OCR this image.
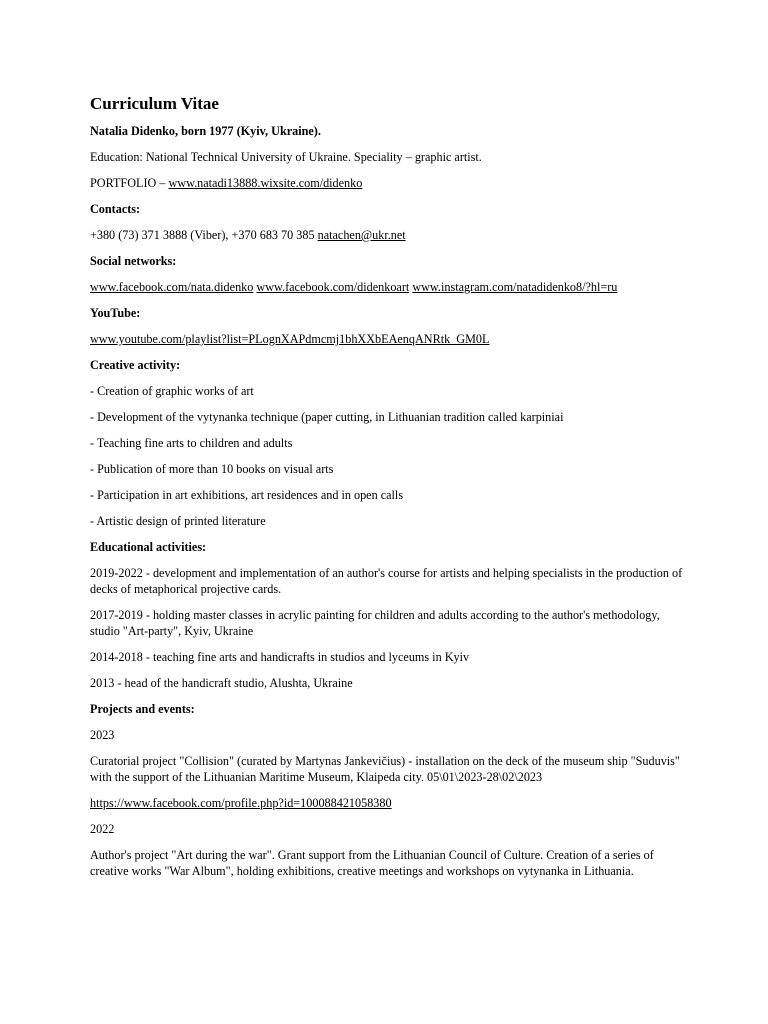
Curriculum Vitae

Natalia Didenko, born 1977 (Kyiv, Ukraine).

Education: National Technical University of Ukraine. Speciality – graphic artist.

PORTFOLIO – www.natadi13888.wixsite.com/didenko

Contacts:

+380 (73) 371 3888 (Viber), +370 683 70 385 natachen@ukr.net

Social networks:

www.facebook.com/nata.didenko www.facebook.com/didenkoart www.instagram.com/natadidenko8/?hl=ru

YouTube:

www.youtube.com/playlist?list=PLognXAPdmcmj1bhXXbEAenqANRtk_GM0L

Creative activity:

- Creation of graphic works of art

- Development of the vytynanka technique (paper cutting, in Lithuanian tradition called karpiniai

- Teaching fine arts to children and adults

- Publication of more than 10 books on visual arts

- Participation in art exhibitions, art residences and in open calls

- Artistic design of printed literature

Educational activities:

2019-2022 - development and implementation of an author's course for artists and helping specialists in the production of decks of metaphorical projective cards.

2017-2019 - holding master classes in acrylic painting for children and adults according to the author's methodology, studio "Art-party", Kyiv, Ukraine

2014-2018 - teaching fine arts and handicrafts in studios and lyceums in Kyiv

2013 - head of the handicraft studio, Alushta, Ukraine

Projects and events:

2023

Curatorial project "Collision" (curated by Martynas Jankevičius) - installation on the deck of the museum ship "Suduvis" with the support of the Lithuanian Maritime Museum, Klaipeda city. 05\01\2023-28\02\2023

https://www.facebook.com/profile.php?id=100088421058380

2022

Author's project "Art during the war". Grant support from the Lithuanian Council of Culture. Creation of a series of creative works "War Album", holding exhibitions, creative meetings and workshops on vytynanka in Lithuania.
